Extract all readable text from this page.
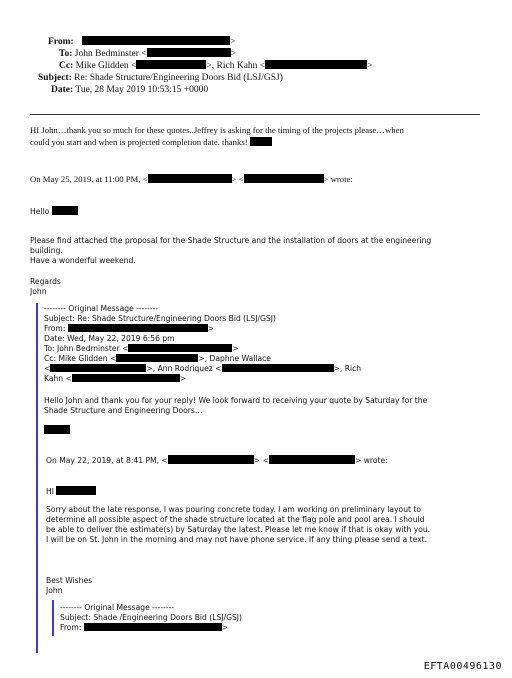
From:	>
To: John Bedminster <	>
Cc: Mike Glidden <	>, Rich Kahn <	>
Subject: Re: Shade Structure/Engineering Doors Bid (LSJ/GSJ)
Date: Tue, 28 May 2019 10:53:15 +0000
HI John…thank you so much for these quotes..Jeffrey is asking for the timing of the projects please…when
could you start and when is projected completion date. thanks!
On May 25, 2019, at 11:00 PM, <	> <	> wrote:
Hello
Please find attached the proposal for the Shade Structure and the installation of doors at the engineering
building.
Have a wonderful weekend.
Regards
John
-------- Original Message --------
Subject: Re: Shade Structure/Engineering Doors Bid (LSJ/GSJ)
From:	>
Date: Wed, May 22, 2019 6:56 pm
To: John Bedminster <	>
Cc: Mike Glidden <	>, Daphne Wallace
<	>, Ann Rodriquez <	>, Rich
Kahn <	>
Hello John and thank you for your reply! We look forward to receiving your quote by Saturday for the
Shade Structure and Engineering Doors…
On May 22, 2019, at 8:41 PM, <	> <	> wrote:
HI
Sorry about the late response, I was pouring concrete today. I am working on preliminary layout to
determine all possible aspect of the shade structure located at the flag pole and pool area. I should
be able to deliver the estimate(s) by Saturday the latest. Please let me know if that is okay with you.
I will be on St. John in the morning and may not have phone service. If any thing please send a text.
Best Wishes
John
-------- Original Message --------
Subject: Shade /Engineering Doors Bid (LSJ/GSJ)
From:	>
EFTA00496130
